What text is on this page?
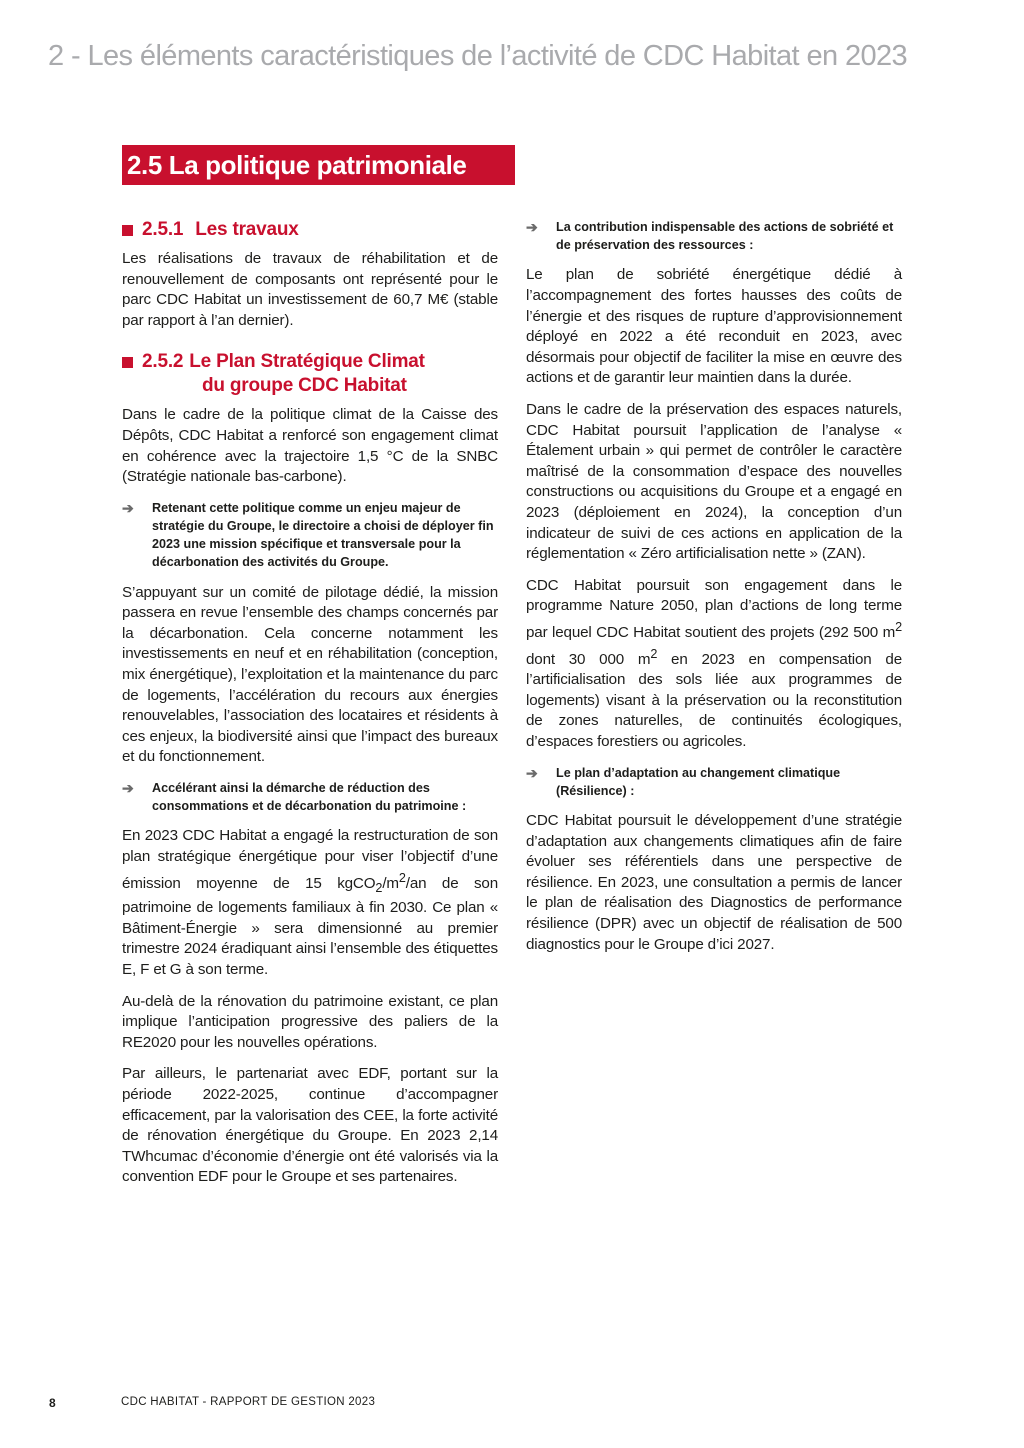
2 - Les éléments caractéristiques de l’activité de CDC Habitat en 2023
2.5 La politique patrimoniale
2.5.1 Les travaux

Les réalisations de travaux de réhabilitation et de renouvellement de composants ont représenté pour le parc CDC Habitat un investissement de 60,7 M€ (stable par rapport à l’an dernier).

2.5.2 Le Plan Stratégique Climat
du groupe CDC Habitat

Dans le cadre de la politique climat de la Caisse des Dépôts, CDC Habitat a renforcé son engagement climat en cohérence avec la trajectoire 1,5 °C de la SNBC (Stratégie nationale bas-carbone).

➔ Retenant cette politique comme un enjeu majeur de stratégie du Groupe, le directoire a choisi de déployer fin 2023 une mission spécifique et transversale pour la décarbonation des activités du Groupe.

S’appuyant sur un comité de pilotage dédié, la mission passera en revue l’ensemble des champs concernés par la décarbonation. Cela concerne notamment les investissements en neuf et en réhabilitation (conception, mix énergétique), l’exploitation et la maintenance du parc de logements, l’accélération du recours aux énergies renouvelables, l’association des locataires et résidents à ces enjeux, la biodiversité ainsi que l’impact des bureaux et du fonctionnement.

➔ Accélérant ainsi la démarche de réduction des consommations et de décarbonation du patrimoine :

En 2023 CDC Habitat a engagé la restructuration de son plan stratégique énergétique pour viser l’objectif d’une émission moyenne de 15 $kgCO_2/m^2/an$ de son patrimoine de logements familiaux à fin 2030. Ce plan « Bâtiment-Énergie » sera dimensionné au premier trimestre 2024 éradiquant ainsi l’ensemble des étiquettes E, F et G à son terme.

Au-delà de la rénovation du patrimoine existant, ce plan implique l’anticipation progressive des paliers de la RE2020 pour les nouvelles opérations.

Par ailleurs, le partenariat avec EDF, portant sur la période 2022-2025, continue d’accompagner efficacement, par la valorisation des CEE, la forte activité de rénovation énergétique du Groupe. En 2023 2,14 TWhcumac d’économie d’énergie ont été valorisés via la convention EDF pour le Groupe et ses partenaires.

➔ La contribution indispensable des actions de sobriété et de préservation des ressources :

Le plan de sobriété énergétique dédié à l’accompagnement des fortes hausses des coûts de l’énergie et des risques de rupture d’approvisionnement déployé en 2022 a été reconduit en 2023, avec désormais pour objectif de faciliter la mise en œuvre des actions et de garantir leur maintien dans la durée.

Dans le cadre de la préservation des espaces naturels, CDC Habitat poursuit l’application de l’analyse « Étalement urbain » qui permet de contrôler le caractère maîtrisé de la consommation d’espace des nouvelles constructions ou acquisitions du Groupe et a engagé en 2023 (déploiement en 2024), la conception d’un indicateur de suivi de ces actions en application de la réglementation « Zéro artificialisation nette » (ZAN).

CDC Habitat poursuit son engagement dans le programme Nature 2050, plan d’actions de long terme par lequel CDC Habitat soutient des projets (292 500 $m^2$ dont 30 000 $m^2$ en 2023 en compensation de l’artificialisation des sols liée aux programmes de logements) visant à la préservation ou la reconstitution de zones naturelles, de continuités écologiques, d’espaces forestiers ou agricoles.

➔ Le plan d’adaptation au changement climatique (Résilience) :

CDC Habitat poursuit le développement d’une stratégie d’adaptation aux changements climatiques afin de faire évoluer ses référentiels dans une perspective de résilience. En 2023, une consultation a permis de lancer le plan de réalisation des Diagnostics de performance résilience (DPR) avec un objectif de réalisation de 500 diagnostics pour le Groupe d’ici 2027.

8	CDC HABITAT - RAPPORT DE GESTION 2023
